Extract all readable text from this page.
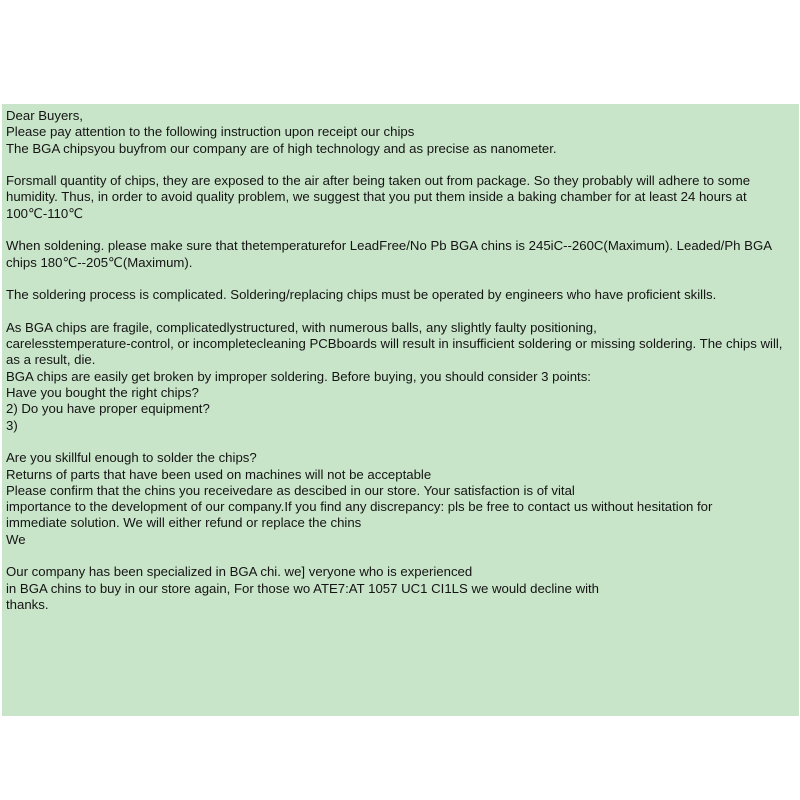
Dear Buyers,
Please pay attention to the following instruction upon receipt our chips
The BGA chipsyou buyfrom our company are of high technology and as precise as nanometer.
Forsmall quantity of chips, they are exposed to the air after being taken out from package. So they probably will adhere to some
humidity. Thus, in order to avoid quality problem, we suggest that you put them inside a baking chamber for at least 24 hours at
100℃-110℃
When soldening. please make sure that thetemperaturefor LeadFree/No Pb BGA chins is 245iC--260C(Maximum). Leaded/Ph BGA
chips 180℃--205℃(Maximum).
The soldering process is complicated. Soldering/replacing chips must be operated by engineers who have proficient skills.
As BGA chips are fragile, complicatedlystructured, with numerous balls, any slightly faulty positioning,
carelesstemperature-control, or incompletecleaning PCBboards will result in insufficient soldering or missing soldering. The chips will,
as a result, die.
BGA chips are easily get broken by improper soldering. Before buying, you should consider 3 points:
Have you bought the right chips?
2) Do you have proper equipment?
3)
Are you skillful enough to solder the chips?
Returns of parts that have been used on machines will not be acceptable
Please confirm that the chins you receivedare as descibed in our store. Your satisfaction is of vital
importance to the development of our company.If you find any discrepancy: pls be free to contact us without hesitation for
immediate solution. We will either refund or replace the chins
We
Our company has been specialized in BGA chi. we] veryone who is experienced
in BGA chins to buy in our store again, For those wo ATE7:AT 1057 UC1 CI1LS we would decline with
thanks.
